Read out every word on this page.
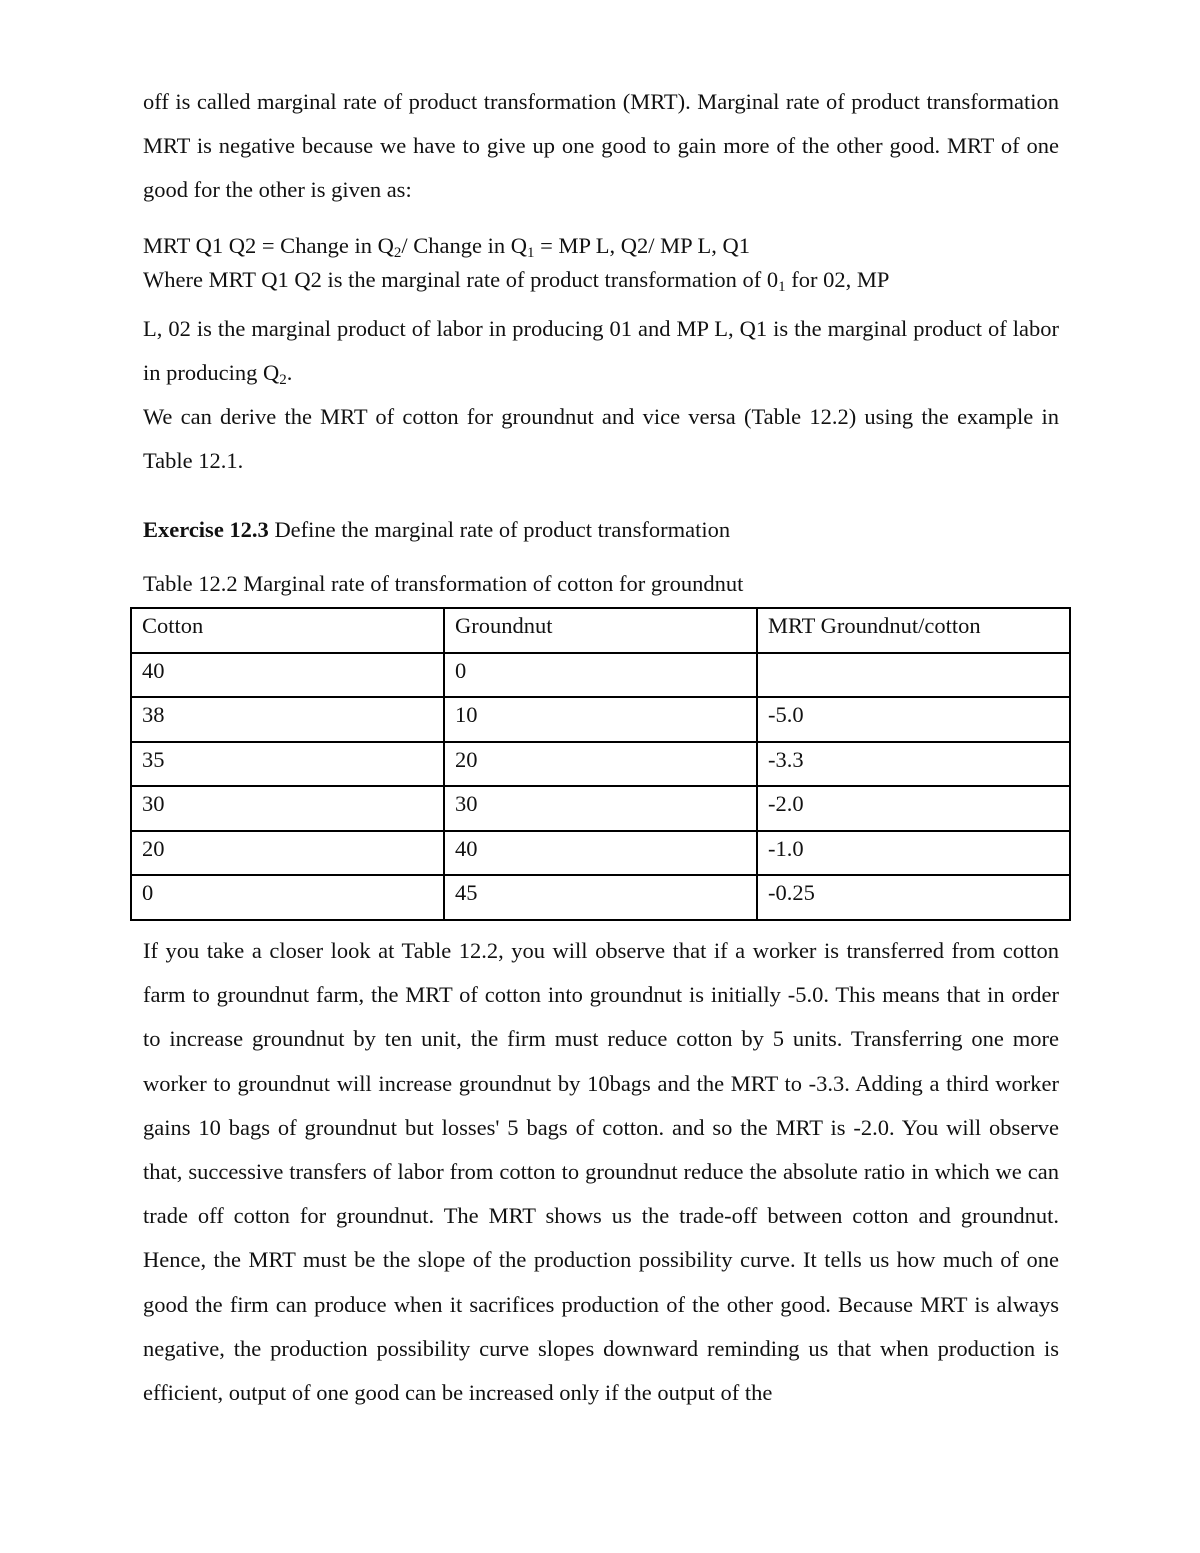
off is called marginal rate of product transformation (MRT). Marginal rate of product transformation MRT is negative because we have to give up one good to gain more of the other good. MRT of one good for the other is given as:

MRT Q1 Q2 = Change in $Q_2/$ Change in $Q_1$ = MP L, Q2/ MP L, Q1

Where MRT Q1 Q2 is the marginal rate of product transformation of $0_1$ for 02, MP

L, 02 is the marginal product of labor in producing 01 and MP L, Q1 is the marginal product of labor in producing $Q_2$.

We can derive the MRT of cotton for groundnut and vice versa (Table 12.2) using the example in Table 12.1.

Exercise 12.3 Define the marginal rate of product transformation

Table 12.2 Marginal rate of transformation of cotton for groundnut

Cotton	Groundnut	MRT Groundnut/cotton
40	0	
38	10	-5.0
35	20	-3.3
30	30	-2.0
20	40	-1.0
0	45	-0.25

If you take a closer look at Table 12.2, you will observe that if a worker is transferred from cotton farm to groundnut farm, the MRT of cotton into groundnut is initially -5.0. This means that in order to increase groundnut by ten unit, the firm must reduce cotton by 5 units. Transferring one more worker to groundnut will increase groundnut by 10bags and the MRT to -3.3. Adding a third worker gains 10 bags of groundnut but losses' 5 bags of cotton. and so the MRT is -2.0. You will observe that, successive transfers of labor from cotton to groundnut reduce the absolute ratio in which we can trade off cotton for groundnut. The MRT shows us the trade-off between cotton and groundnut. Hence, the MRT must be the slope of the production possibility curve. It tells us how much of one good the firm can produce when it sacrifices production of the other good. Because MRT is always negative, the production possibility curve slopes downward reminding us that when production is efficient, output of one good can be increased only if the output of the
